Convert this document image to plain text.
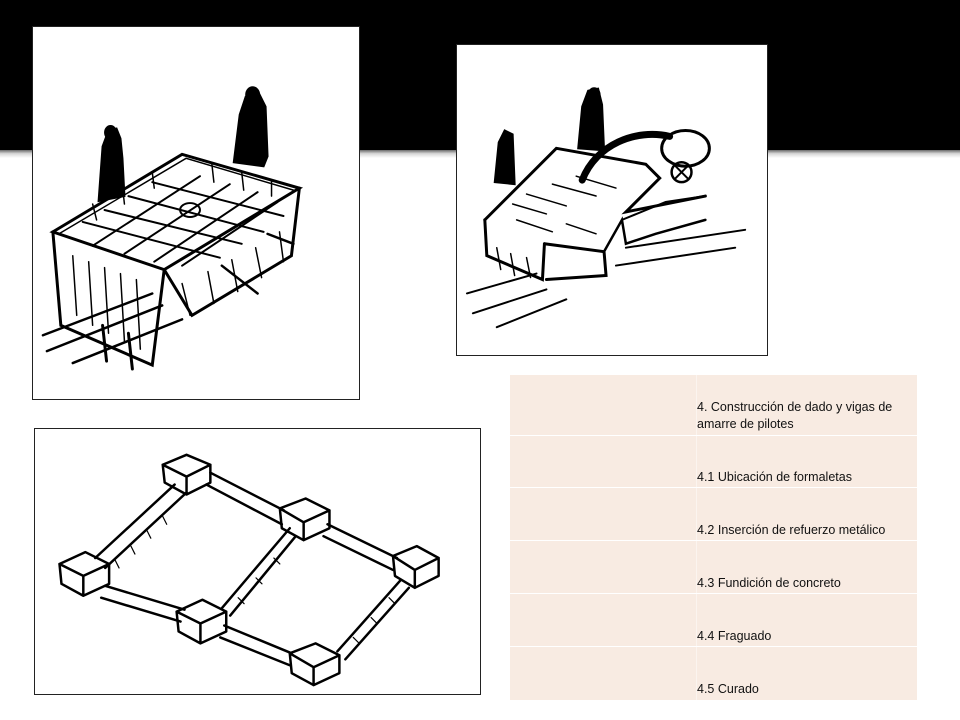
4. Construcción de dado y vigas de amarre de pilotes
4.1 Ubicación de formaletas
4.2 Inserción de refuerzo metálico
4.3 Fundición de concreto
4.4 Fraguado
4.5 Curado
